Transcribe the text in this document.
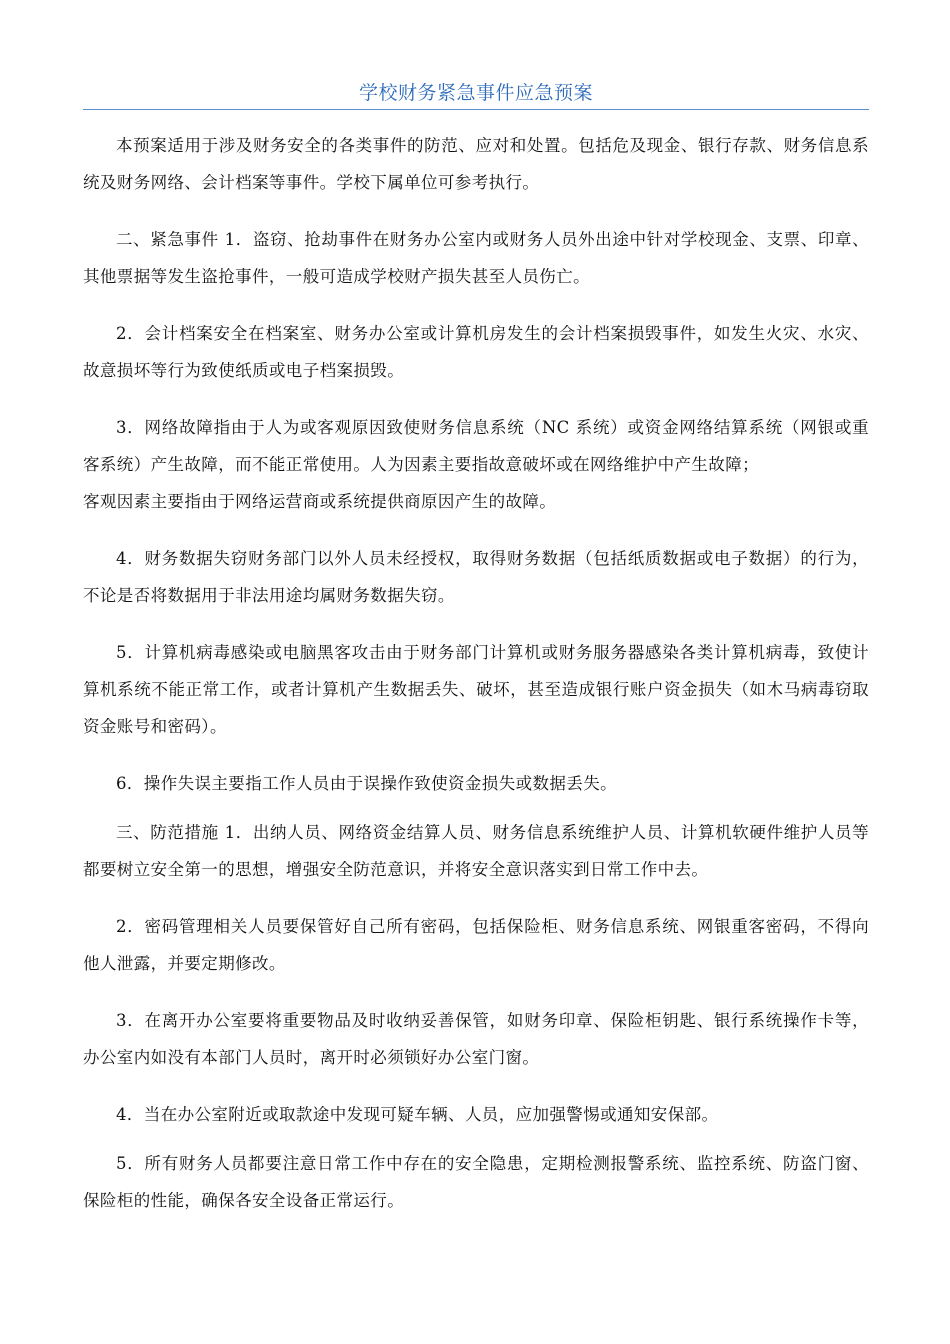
学校财务紧急事件应急预案

本预案适用于涉及财务安全的各类事件的防范、应对和处置。包括危及现金、银行存款、财务信息系统及财务网络、会计档案等事件。学校下属单位可参考执行。

二、紧急事件 1．盗窃、抢劫事件在财务办公室内或财务人员外出途中针对学校现金、支票、印章、其他票据等发生盗抢事件，一般可造成学校财产损失甚至人员伤亡。

2．会计档案安全在档案室、财务办公室或计算机房发生的会计档案损毁事件，如发生火灾、水灾、故意损坏等行为致使纸质或电子档案损毁。

3．网络故障指由于人为或客观原因致使财务信息系统（NC 系统）或资金网络结算系统（网银或重客系统）产生故障，而不能正常使用。人为因素主要指故意破坏或在网络维护中产生故障；
客观因素主要指由于网络运营商或系统提供商原因产生的故障。

4．财务数据失窃财务部门以外人员未经授权，取得财务数据（包括纸质数据或电子数据）的行为，不论是否将数据用于非法用途均属财务数据失窃。

5．计算机病毒感染或电脑黑客攻击由于财务部门计算机或财务服务器感染各类计算机病毒，致使计算机系统不能正常工作，或者计算机产生数据丢失、破坏，甚至造成银行账户资金损失（如木马病毒窃取资金账号和密码）。

6．操作失误主要指工作人员由于误操作致使资金损失或数据丢失。

三、防范措施 1．出纳人员、网络资金结算人员、财务信息系统维护人员、计算机软硬件维护人员等都要树立安全第一的思想，增强安全防范意识，并将安全意识落实到日常工作中去。

2．密码管理相关人员要保管好自己所有密码，包括保险柜、财务信息系统、网银重客密码，不得向他人泄露，并要定期修改。

3．在离开办公室要将重要物品及时收纳妥善保管，如财务印章、保险柜钥匙、银行系统操作卡等，办公室内如没有本部门人员时，离开时必须锁好办公室门窗。

4．当在办公室附近或取款途中发现可疑车辆、人员，应加强警惕或通知安保部。

5．所有财务人员都要注意日常工作中存在的安全隐患，定期检测报警系统、监控系统、防盗门窗、保险柜的性能，确保各安全设备正常运行。
